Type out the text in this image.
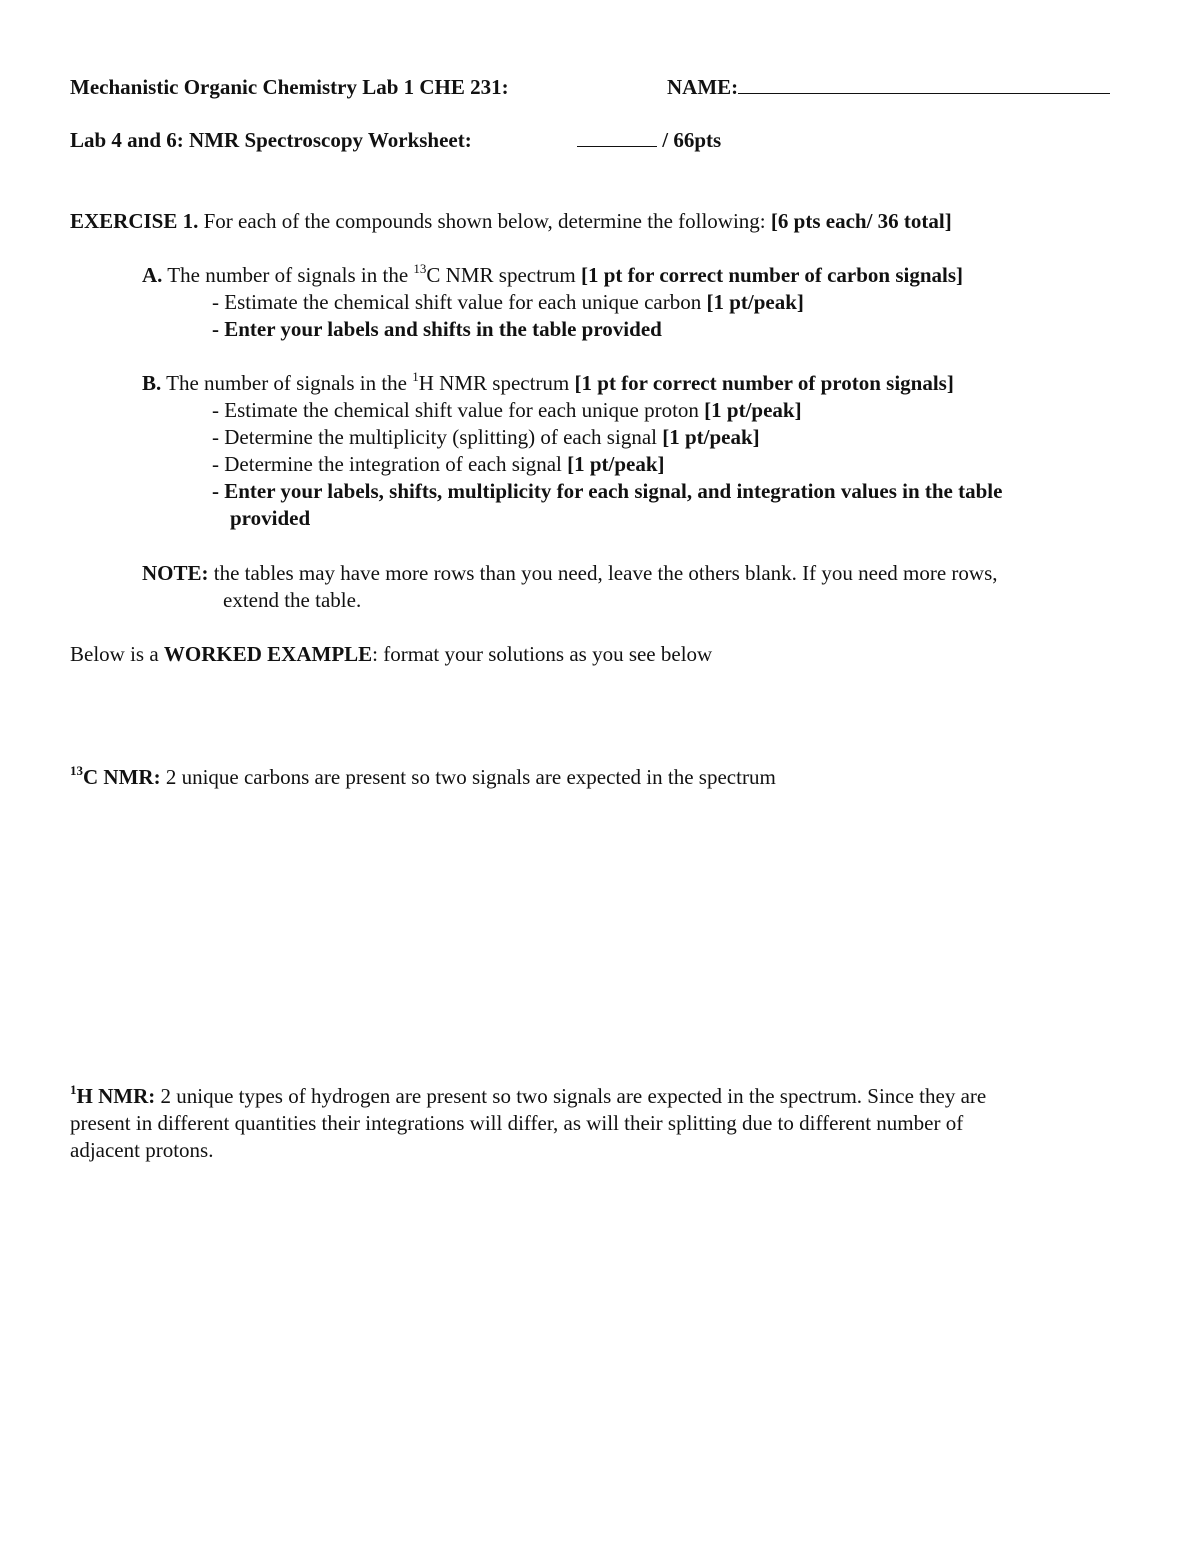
Mechanistic Organic Chemistry Lab 1 CHE 231:	NAME:
Lab 4 and 6: NMR Spectroscopy Worksheet:	/ 66pts
EXERCISE 1. For each of the compounds shown below, determine the following: [6 pts each/ 36 total]
A. The number of signals in the $^{13}$C NMR spectrum [1 pt for correct number of carbon signals]
- Estimate the chemical shift value for each unique carbon [1 pt/peak]
- Enter your labels and shifts in the table provided
B. The number of signals in the $^1$H NMR spectrum [1 pt for correct number of proton signals]
- Estimate the chemical shift value for each unique proton [1 pt/peak]
- Determine the multiplicity (splitting) of each signal [1 pt/peak]
- Determine the integration of each signal [1 pt/peak]
- Enter your labels, shifts, multiplicity for each signal, and integration values in the table
provided
NOTE: the tables may have more rows than you need, leave the others blank. If you need more rows,
extend the table.
Below is a WORKED EXAMPLE: format your solutions as you see below
$^{13}$C NMR: 2 unique carbons are present so two signals are expected in the spectrum
$^1$H NMR: 2 unique types of hydrogen are present so two signals are expected in the spectrum. Since they are
present in different quantities their integrations will differ, as will their splitting due to different number of
adjacent protons.
